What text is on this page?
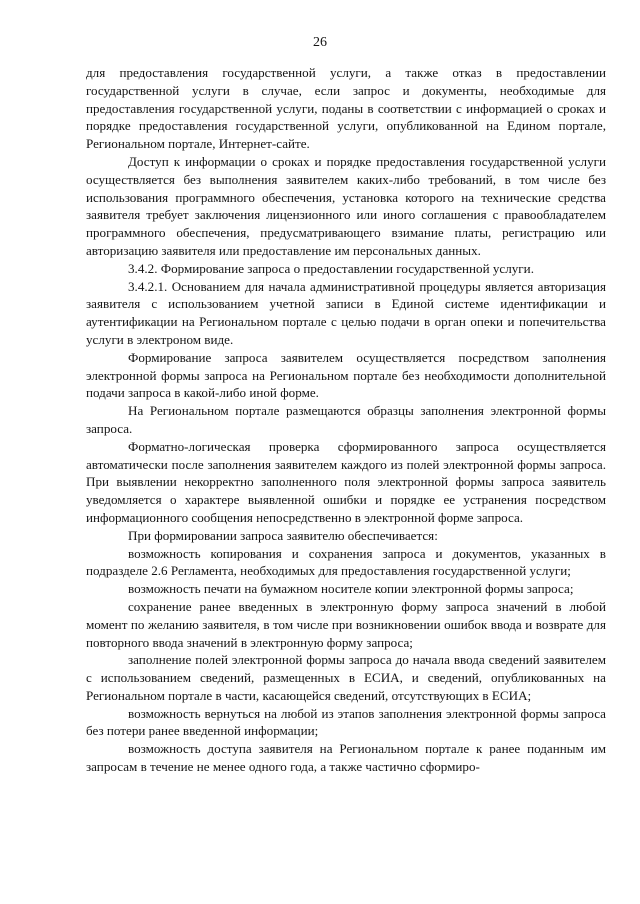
26

для предоставления государственной услуги, а также отказ в предоставлении государственной услуги в случае, если запрос и документы, необходимые для предоставления государственной услуги, поданы в соответствии с информацией о сроках и порядке предоставления государственной услуги, опубликованной на Едином портале, Региональном портале, Интернет-сайте.

Доступ к информации о сроках и порядке предоставления государственной услуги осуществляется без выполнения заявителем каких-либо требований, в том числе без использования программного обеспечения, установка которого на технические средства заявителя требует заключения лицензионного или иного соглашения с правообладателем программного обеспечения, предусматривающего взимание платы, регистрацию или авторизацию заявителя или предоставление им персональных данных.

3.4.2. Формирование запроса о предоставлении государственной услуги.

3.4.2.1. Основанием для начала административной процедуры является авторизация заявителя с использованием учетной записи в Единой системе идентификации и аутентификации на Региональном портале с целью подачи в орган опеки и попечительства услуги в электроном виде.

Формирование запроса заявителем осуществляется посредством заполнения электронной формы запроса на Региональном портале без необходимости дополнительной подачи запроса в какой-либо иной форме.

На Региональном портале размещаются образцы заполнения электронной формы запроса.

Форматно-логическая проверка сформированного запроса осуществляется автоматически после заполнения заявителем каждого из полей электронной формы запроса. При выявлении некорректно заполненного поля электронной формы запроса заявитель уведомляется о характере выявленной ошибки и порядке ее устранения посредством информационного сообщения непосредственно в электронной форме запроса.

При формировании запроса заявителю обеспечивается:

возможность копирования и сохранения запроса и документов, указанных в подразделе 2.6 Регламента, необходимых для предоставления государственной услуги;

возможность печати на бумажном носителе копии электронной формы запроса;

сохранение ранее введенных в электронную форму запроса значений в любой момент по желанию заявителя, в том числе при возникновении ошибок ввода и возврате для повторного ввода значений в электронную форму запроса;

заполнение полей электронной формы запроса до начала ввода сведений заявителем с использованием сведений, размещенных в ЕСИА, и сведений, опубликованных на Региональном портале в части, касающейся сведений, отсутствующих в ЕСИА;

возможность вернуться на любой из этапов заполнения электронной формы запроса без потери ранее введенной информации;

возможность доступа заявителя на Региональном портале к ранее поданным им запросам в течение не менее одного года, а также частично сформиро-
